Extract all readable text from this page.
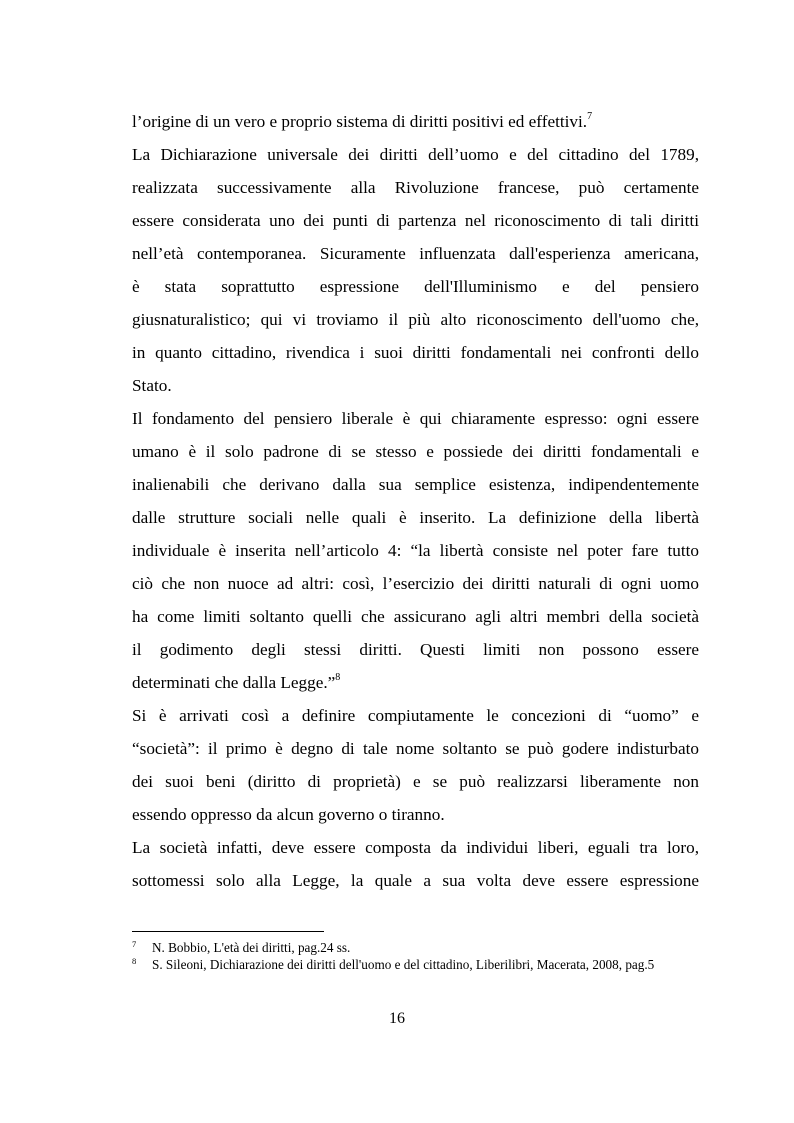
l’origine di un vero e proprio sistema di diritti positivi ed effettivi.$^7$
La Dichiarazione universale dei diritti dell’uomo e del cittadino del 1789,
realizzata successivamente alla Rivoluzione francese, può certamente
essere considerata uno dei punti di partenza nel riconoscimento di tali diritti
nell’età contemporanea. Sicuramente influenzata dall'esperienza americana,
è stata soprattutto espressione dell'Illuminismo e del pensiero
giusnaturalistico; qui vi troviamo il più alto riconoscimento dell'uomo che,
in quanto cittadino, rivendica i suoi diritti fondamentali nei confronti dello
Stato.
Il fondamento del pensiero liberale è qui chiaramente espresso: ogni essere
umano è il solo padrone di se stesso e possiede dei diritti fondamentali e
inalienabili che derivano dalla sua semplice esistenza, indipendentemente
dalle strutture sociali nelle quali è inserito. La definizione della libertà
individuale è inserita nell’articolo 4: “la libertà consiste nel poter fare tutto
ciò che non nuoce ad altri: così, l’esercizio dei diritti naturali di ogni uomo
ha come limiti soltanto quelli che assicurano agli altri membri della società
il godimento degli stessi diritti. Questi limiti non possono essere
determinati che dalla Legge.”$^8$
Si è arrivati così a definire compiutamente le concezioni di “uomo” e
“società”: il primo è degno di tale nome soltanto se può godere indisturbato
dei suoi beni (diritto di proprietà) e se può realizzarsi liberamente non
essendo oppresso da alcun governo o tiranno.
La società infatti, deve essere composta da individui liberi, eguali tra loro,
sottomessi solo alla Legge, la quale a sua volta deve essere espressione
7 N. Bobbio, L'età dei diritti, pag.24 ss.
8 S. Sileoni, Dichiarazione dei diritti dell'uomo e del cittadino, Liberilibri, Macerata, 2008, pag.5
16
